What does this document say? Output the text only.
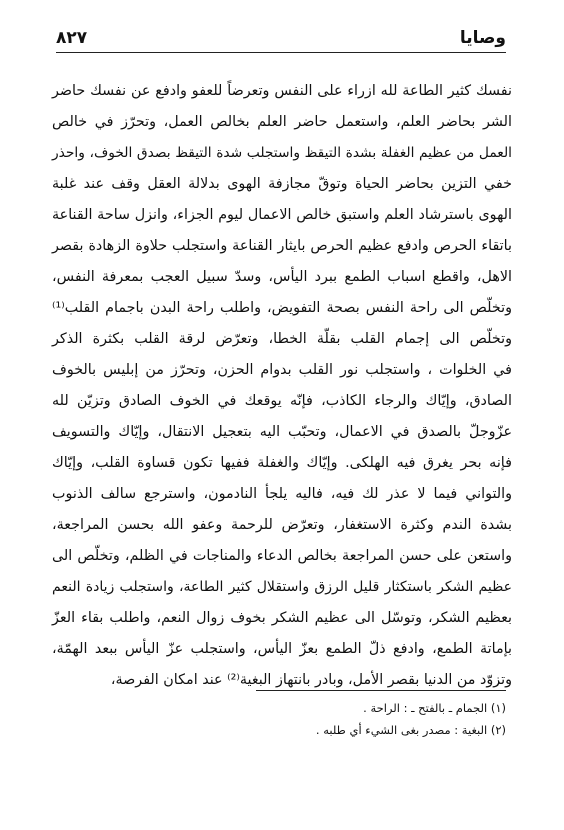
وصايا
٨٢٧
نفسك كثير الطاعة لله ازراء على النفس وتعرضاً للعفو وادفع عن نفسك حاضر
الشر بحاضر العلم، واستعمل حاضر العلم بخالص العمل، وتحرّز في خالص
العمل من عظيم الغفلة بشدة التيقظ واستجلب شدة التيقظ بصدق الخوف، واحذر
خفي التزين بحاضر الحياة وتوقّ مجازفة الهوى بدلالة العقل وقف عند غلبة
الهوى باسترشاد العلم واستبق خالص الاعمال ليوم الجزاء، وانزل ساحة القناعة
باتقاء الحرص وادفع عظيم الحرص بايثار القناعة واستجلب حلاوة الزهادة بقصر
الاهل، واقطع اسباب الطمع ببرد اليأس، وسدّ سبيل العجب بمعرفة النفس،
وتخلّص الى راحة النفس بصحة التفويض، واطلب راحة البدن باجمام القلب⁽¹⁾
وتخلّص الى إجمام القلب بقلّة الخطا، وتعرّض لرقة القلب بكثرة الذكر
في الخلوات ، واستجلب نور القلب بدوام الحزن، وتحرّز من إبليس بالخوف
الصادق، وإيّاك والرجاء الكاذب، فإنّه يوقعك في الخوف الصادق وتزيّن لله
عزّوجلّ بالصدق في الاعمال، وتحبّب اليه بتعجيل الانتقال، وإيّاك والتسويف
فإنه بحر يغرق فيه الهلكى. وإيّاك والغفلة ففيها تكون قساوة القلب، وإيّاك
والتواني فيما لا عذر لك فيه، فاليه يلجأ النادمون، واسترجع سالف الذنوب
بشدة الندم وكثرة الاستغفار، وتعرّض للرحمة وعفو الله بحسن المراجعة،
واستعن على حسن المراجعة بخالص الدعاء والمناجات في الظلم، وتخلّص الى
عظيم الشكر باستكثار قليل الرزق واستقلال كثير الطاعة، واستجلب زيادة النعم
بعظيم الشكر، وتوسّل الى عظيم الشكر بخوف زوال النعم، واطلب بقاء العزّ
بإماتة الطمع، وادفع ذلّ الطمع بعزّ اليأس، واستجلب عزّ اليأس ببعد الهمّة،
وتزوّد من الدنيا بقصر الأمل، وبادر بانتهاز البغية⁽²⁾ عند امكان الفرصة،
(١) الجمام ـ بالفتح ـ : الراحة .
(٢) البغية : مصدر بغى الشيء أي طلبه .
